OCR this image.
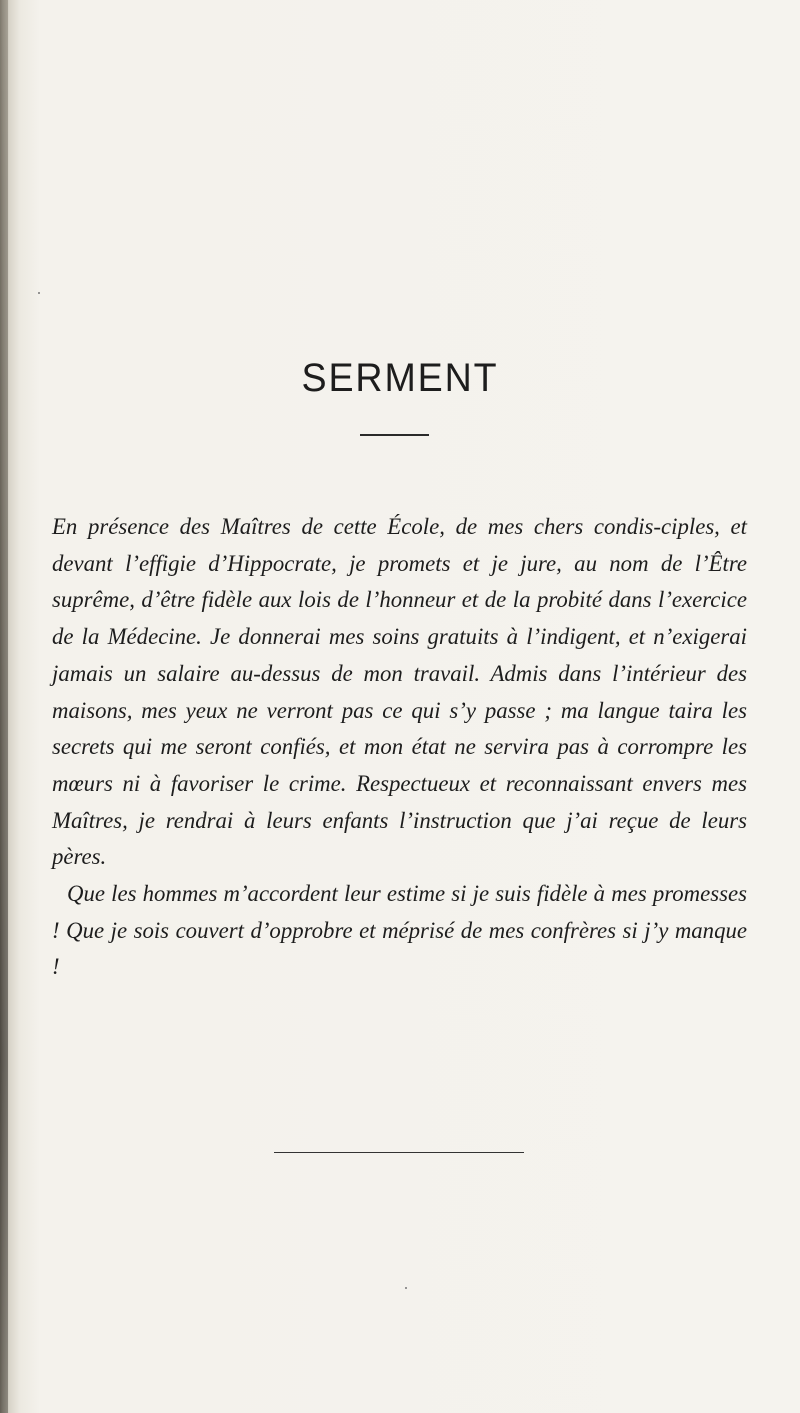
SERMENT

En présence des Maîtres de cette École, de mes chers condis-ciples, et devant l’effigie d’Hippocrate, je promets et je jure, au nom de l’Être suprême, d’être fidèle aux lois de l’honneur et de la probité dans l’exercice de la Médecine. Je donnerai mes soins gratuits à l’indigent, et n’exigerai jamais un salaire au-dessus de mon travail. Admis dans l’intérieur des maisons, mes yeux ne verront pas ce qui s’y passe ; ma langue taira les secrets qui me seront confiés, et mon état ne servira pas à corrompre les mœurs ni à favoriser le crime. Respectueux et reconnaissant envers mes Maîtres, je rendrai à leurs enfants l’instruction que j’ai reçue de leurs pères.

Que les hommes m’accordent leur estime si je suis fidèle à mes promesses ! Que je sois couvert d’opprobre et méprisé de mes confrères si j’y manque !
